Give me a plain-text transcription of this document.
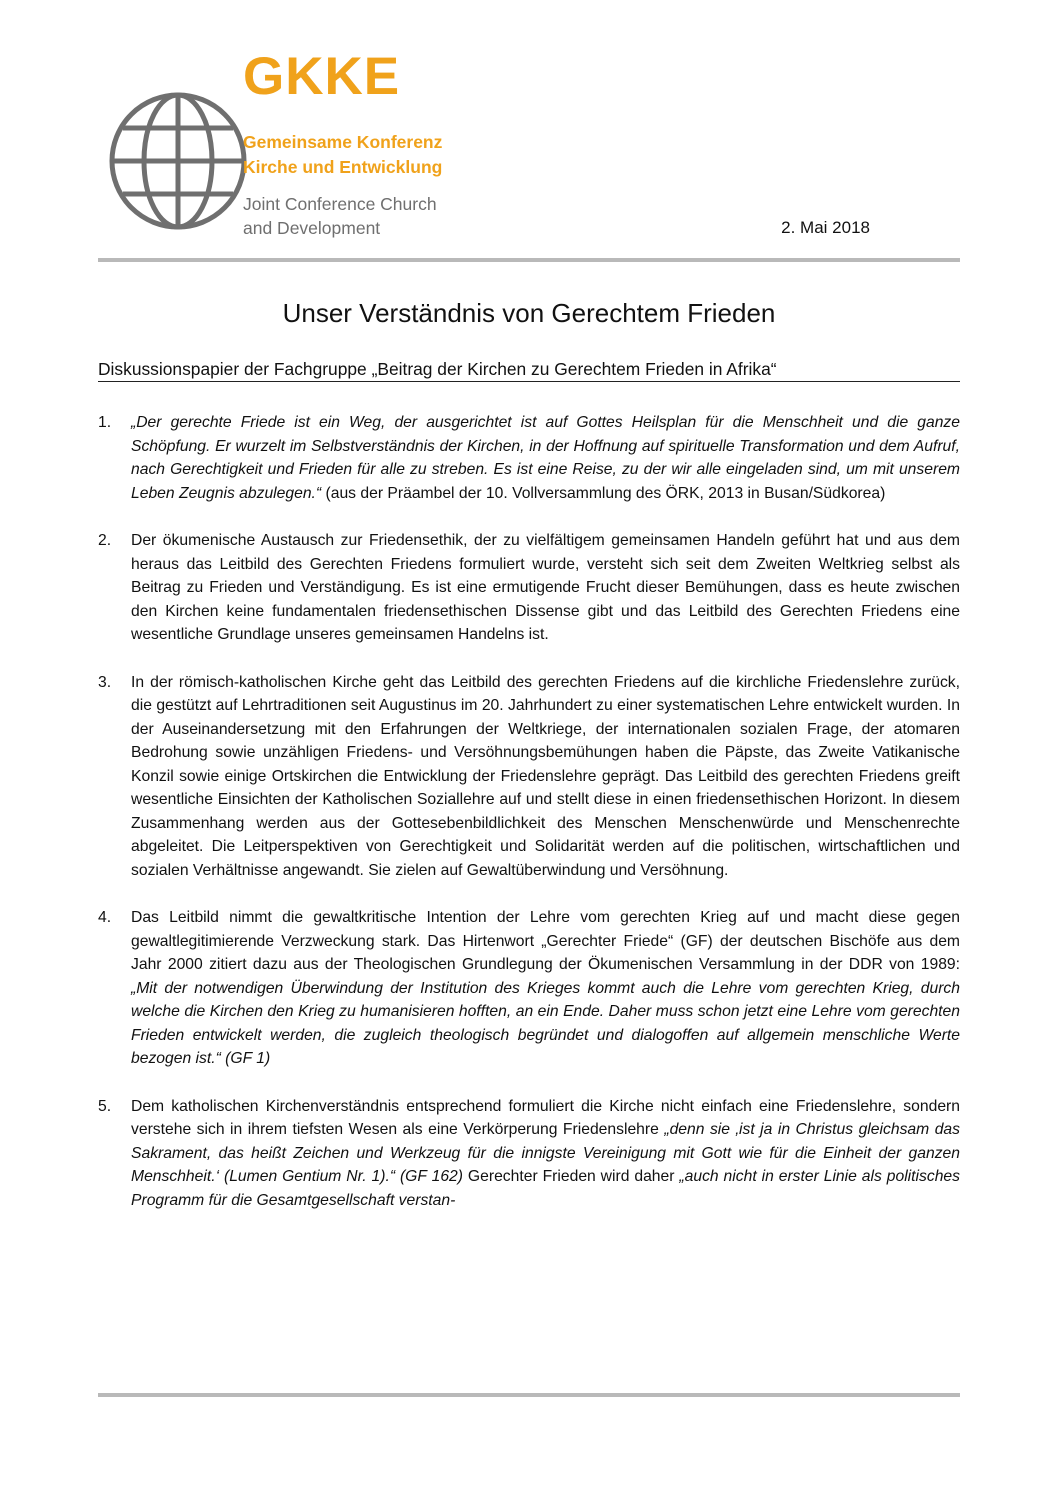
GKKE
Gemeinsame Konferenz
Kirche und Entwicklung
Joint Conference Church
and Development	2. Mai 2018
Unser Verständnis von Gerechtem Frieden
Diskussionspapier der Fachgruppe „Beitrag der Kirchen zu Gerechtem Frieden in Afrika“
1.	„Der gerechte Friede ist ein Weg, der ausgerichtet ist auf Gottes Heilsplan für die Menschheit und die ganze Schöpfung. Er wurzelt im Selbstverständnis der Kirchen, in der Hoffnung auf spirituelle Transformation und dem Aufruf, nach Gerechtigkeit und Frieden für alle zu streben. Es ist eine Reise, zu der wir alle eingeladen sind, um mit unserem Leben Zeugnis abzulegen.“ (aus der Präambel der 10. Vollversammlung des ÖRK, 2013 in Busan/Südkorea)
2.	Der ökumenische Austausch zur Friedensethik, der zu vielfältigem gemeinsamen Handeln geführt hat und aus dem heraus das Leitbild des Gerechten Friedens formuliert wurde, versteht sich seit dem Zweiten Weltkrieg selbst als Beitrag zu Frieden und Verständigung. Es ist eine ermutigende Frucht dieser Bemühungen, dass es heute zwischen den Kirchen keine fundamentalen friedensethischen Dissense gibt und das Leitbild des Gerechten Friedens eine wesentliche Grundlage unseres gemeinsamen Handelns ist.
3.	In der römisch-katholischen Kirche geht das Leitbild des gerechten Friedens auf die kirchliche Friedenslehre zurück, die gestützt auf Lehrtraditionen seit Augustinus im 20. Jahrhundert zu einer systematischen Lehre entwickelt wurden. In der Auseinandersetzung mit den Erfahrungen der Weltkriege, der internationalen sozialen Frage, der atomaren Bedrohung sowie unzähligen Friedens- und Versöhnungsbemühungen haben die Päpste, das Zweite Vatikanische Konzil sowie einige Ortskirchen die Entwicklung der Friedenslehre geprägt. Das Leitbild des gerechten Friedens greift wesentliche Einsichten der Katholischen Soziallehre auf und stellt diese in einen friedensethischen Horizont. In diesem Zusammenhang werden aus der Gottesebenbildlichkeit des Menschen Menschenwürde und Menschenrechte abgeleitet. Die Leitperspektiven von Gerechtigkeit und Solidarität werden auf die politischen, wirtschaftlichen und sozialen Verhältnisse angewandt. Sie zielen auf Gewaltüberwindung und Versöhnung.
4.	Das Leitbild nimmt die gewaltkritische Intention der Lehre vom gerechten Krieg auf und macht diese gegen gewaltlegitimierende Verzweckung stark. Das Hirtenwort „Gerechter Friede“ (GF) der deutschen Bischöfe aus dem Jahr 2000 zitiert dazu aus der Theologischen Grundlegung der Ökumenischen Versammlung in der DDR von 1989: „Mit der notwendigen Überwindung der Institution des Krieges kommt auch die Lehre vom gerechten Krieg, durch welche die Kirchen den Krieg zu humanisieren hofften, an ein Ende. Daher muss schon jetzt eine Lehre vom gerechten Frieden entwickelt werden, die zugleich theologisch begründet und dialogoffen auf allgemein menschliche Werte bezogen ist.“ (GF 1)
5.	Dem katholischen Kirchenverständnis entsprechend formuliert die Kirche nicht einfach eine Friedenslehre, sondern verstehe sich in ihrem tiefsten Wesen als eine Verkörperung Friedenslehre „denn sie ‚ist ja in Christus gleichsam das Sakrament, das heißt Zeichen und Werkzeug für die innigste Vereinigung mit Gott wie für die Einheit der ganzen Menschheit.‘ (Lumen Gentium Nr. 1).“ (GF 162) Gerechter Frieden wird daher „auch nicht in erster Linie als politisches Programm für die Gesamtgesellschaft verstan-
